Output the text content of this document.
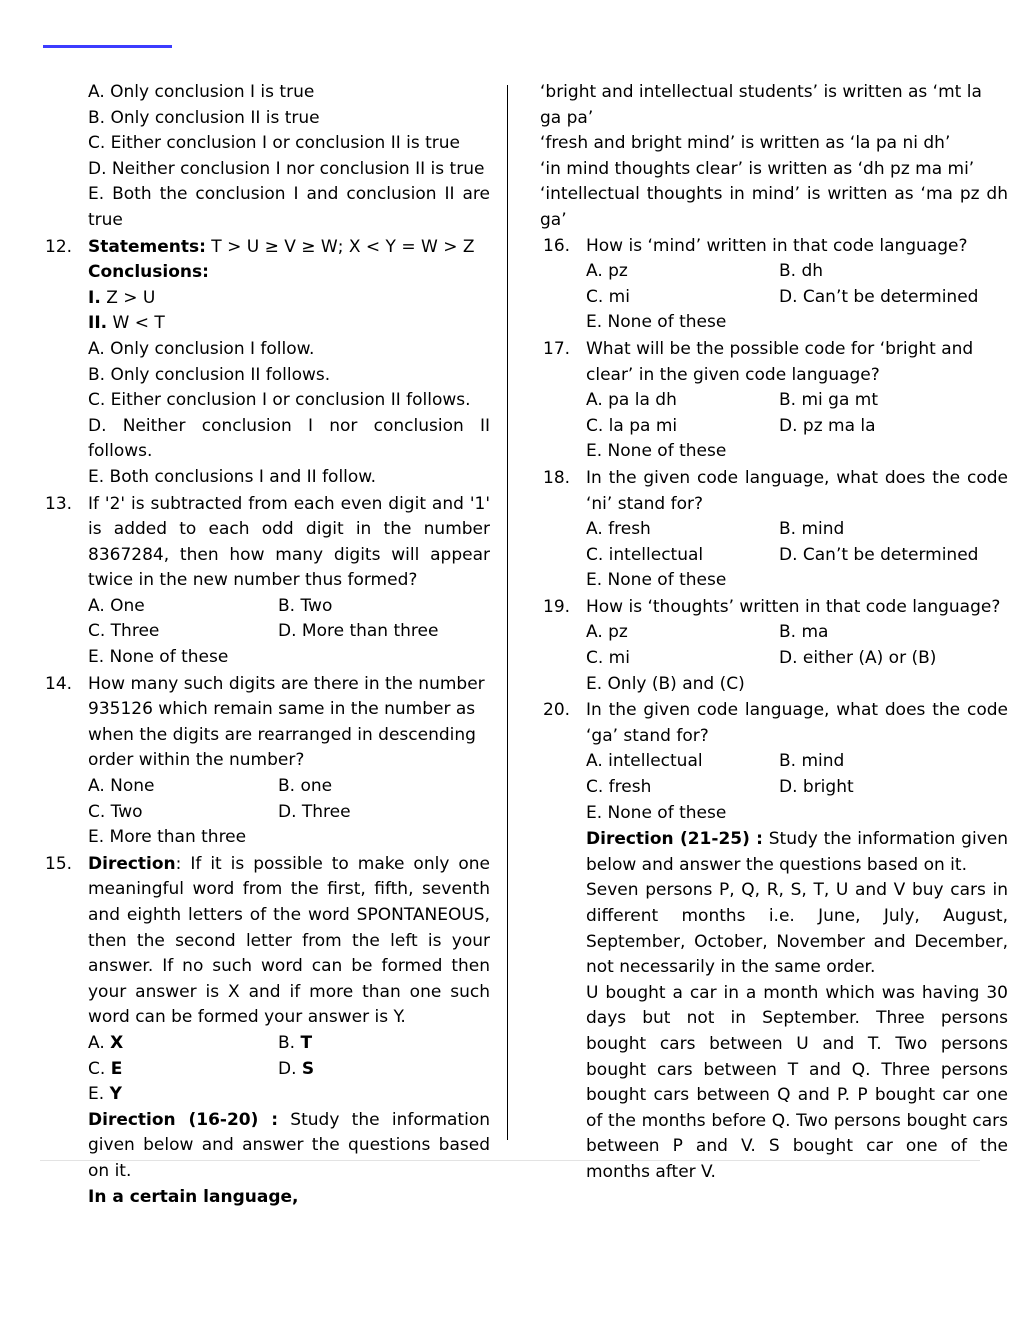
A. Only conclusion I is true

B. Only conclusion II is true

C. Either conclusion I or conclusion II is true

D. Neither conclusion I nor conclusion II is true

E. Both the conclusion I and conclusion II are true

12. Statements: T > U ≥ V ≥ W; X < Y = W > Z

Conclusions:

I. Z > U

II. W < T

A. Only conclusion I follow.

B. Only conclusion II follows.

C. Either conclusion I or conclusion II follows.

D. Neither conclusion I nor conclusion II follows.

E. Both conclusions I and II follow.

13. If '2' is subtracted from each even digit and '1' is added to each odd digit in the number 8367284, then how many digits will appear twice in the new number thus formed?

A. One	B. Two
C. Three	D. More than three
E. None of these
14. How many such digits are there in the number 935126 which remain same in the number as when the digits are rearranged in descending order within the number?

A. None	B. one
C. Two	D. Three
E. More than three
15. Direction: If it is possible to make only one meaningful word from the first, fifth, seventh and eighth letters of the word SPONTANEOUS, then the second letter from the left is your answer. If no such word can be formed then your answer is X and if more than one such word can be formed your answer is Y.

A. X	B. T
C. E	D. S
E. Y

Direction (16-20) : Study the information given below and answer the questions based on it.

In a certain language,

‘bright and intellectual students’ is written as ‘mt la ga pa’

‘fresh and bright mind’ is written as ‘la pa ni dh’

‘in mind thoughts clear’ is written as ‘dh pz ma mi’

‘intellectual thoughts in mind’ is written as ‘ma pz dh ga’

16. How is ‘mind’ written in that code language?

A. pz	B. dh
C. mi	D. Can’t be determined
E. None of these
17. What will be the possible code for ‘bright and clear’ in the given code language?

A. pa la dh	B. mi ga mt
C. la pa mi	D. pz ma la
E. None of these
18. In the given code language, what does the code ‘ni’ stand for?

A. fresh	B. mind
C. intellectual	D. Can’t be determined
E. None of these
19. How is ‘thoughts’ written in that code language?

A. pz	B. ma
C. mi	D. either (A) or (B)
E. Only (B) and (C)
20. In the given code language, what does the code ‘ga’ stand for?

A. intellectual	B. mind
C. fresh	D. bright
E. None of these

Direction (21-25) : Study the information given below and answer the questions based on it.

Seven persons P, Q, R, S, T, U and V buy cars in different months i.e. June, July, August, September, October, November and December, not necessarily in the same order.

U bought a car in a month which was having 30 days but not in September. Three persons bought cars between U and T. Two persons bought cars between T and Q. Three persons bought cars between Q and P. P bought car one of the months before Q. Two persons bought cars between P and V. S bought car one of the months after V.
